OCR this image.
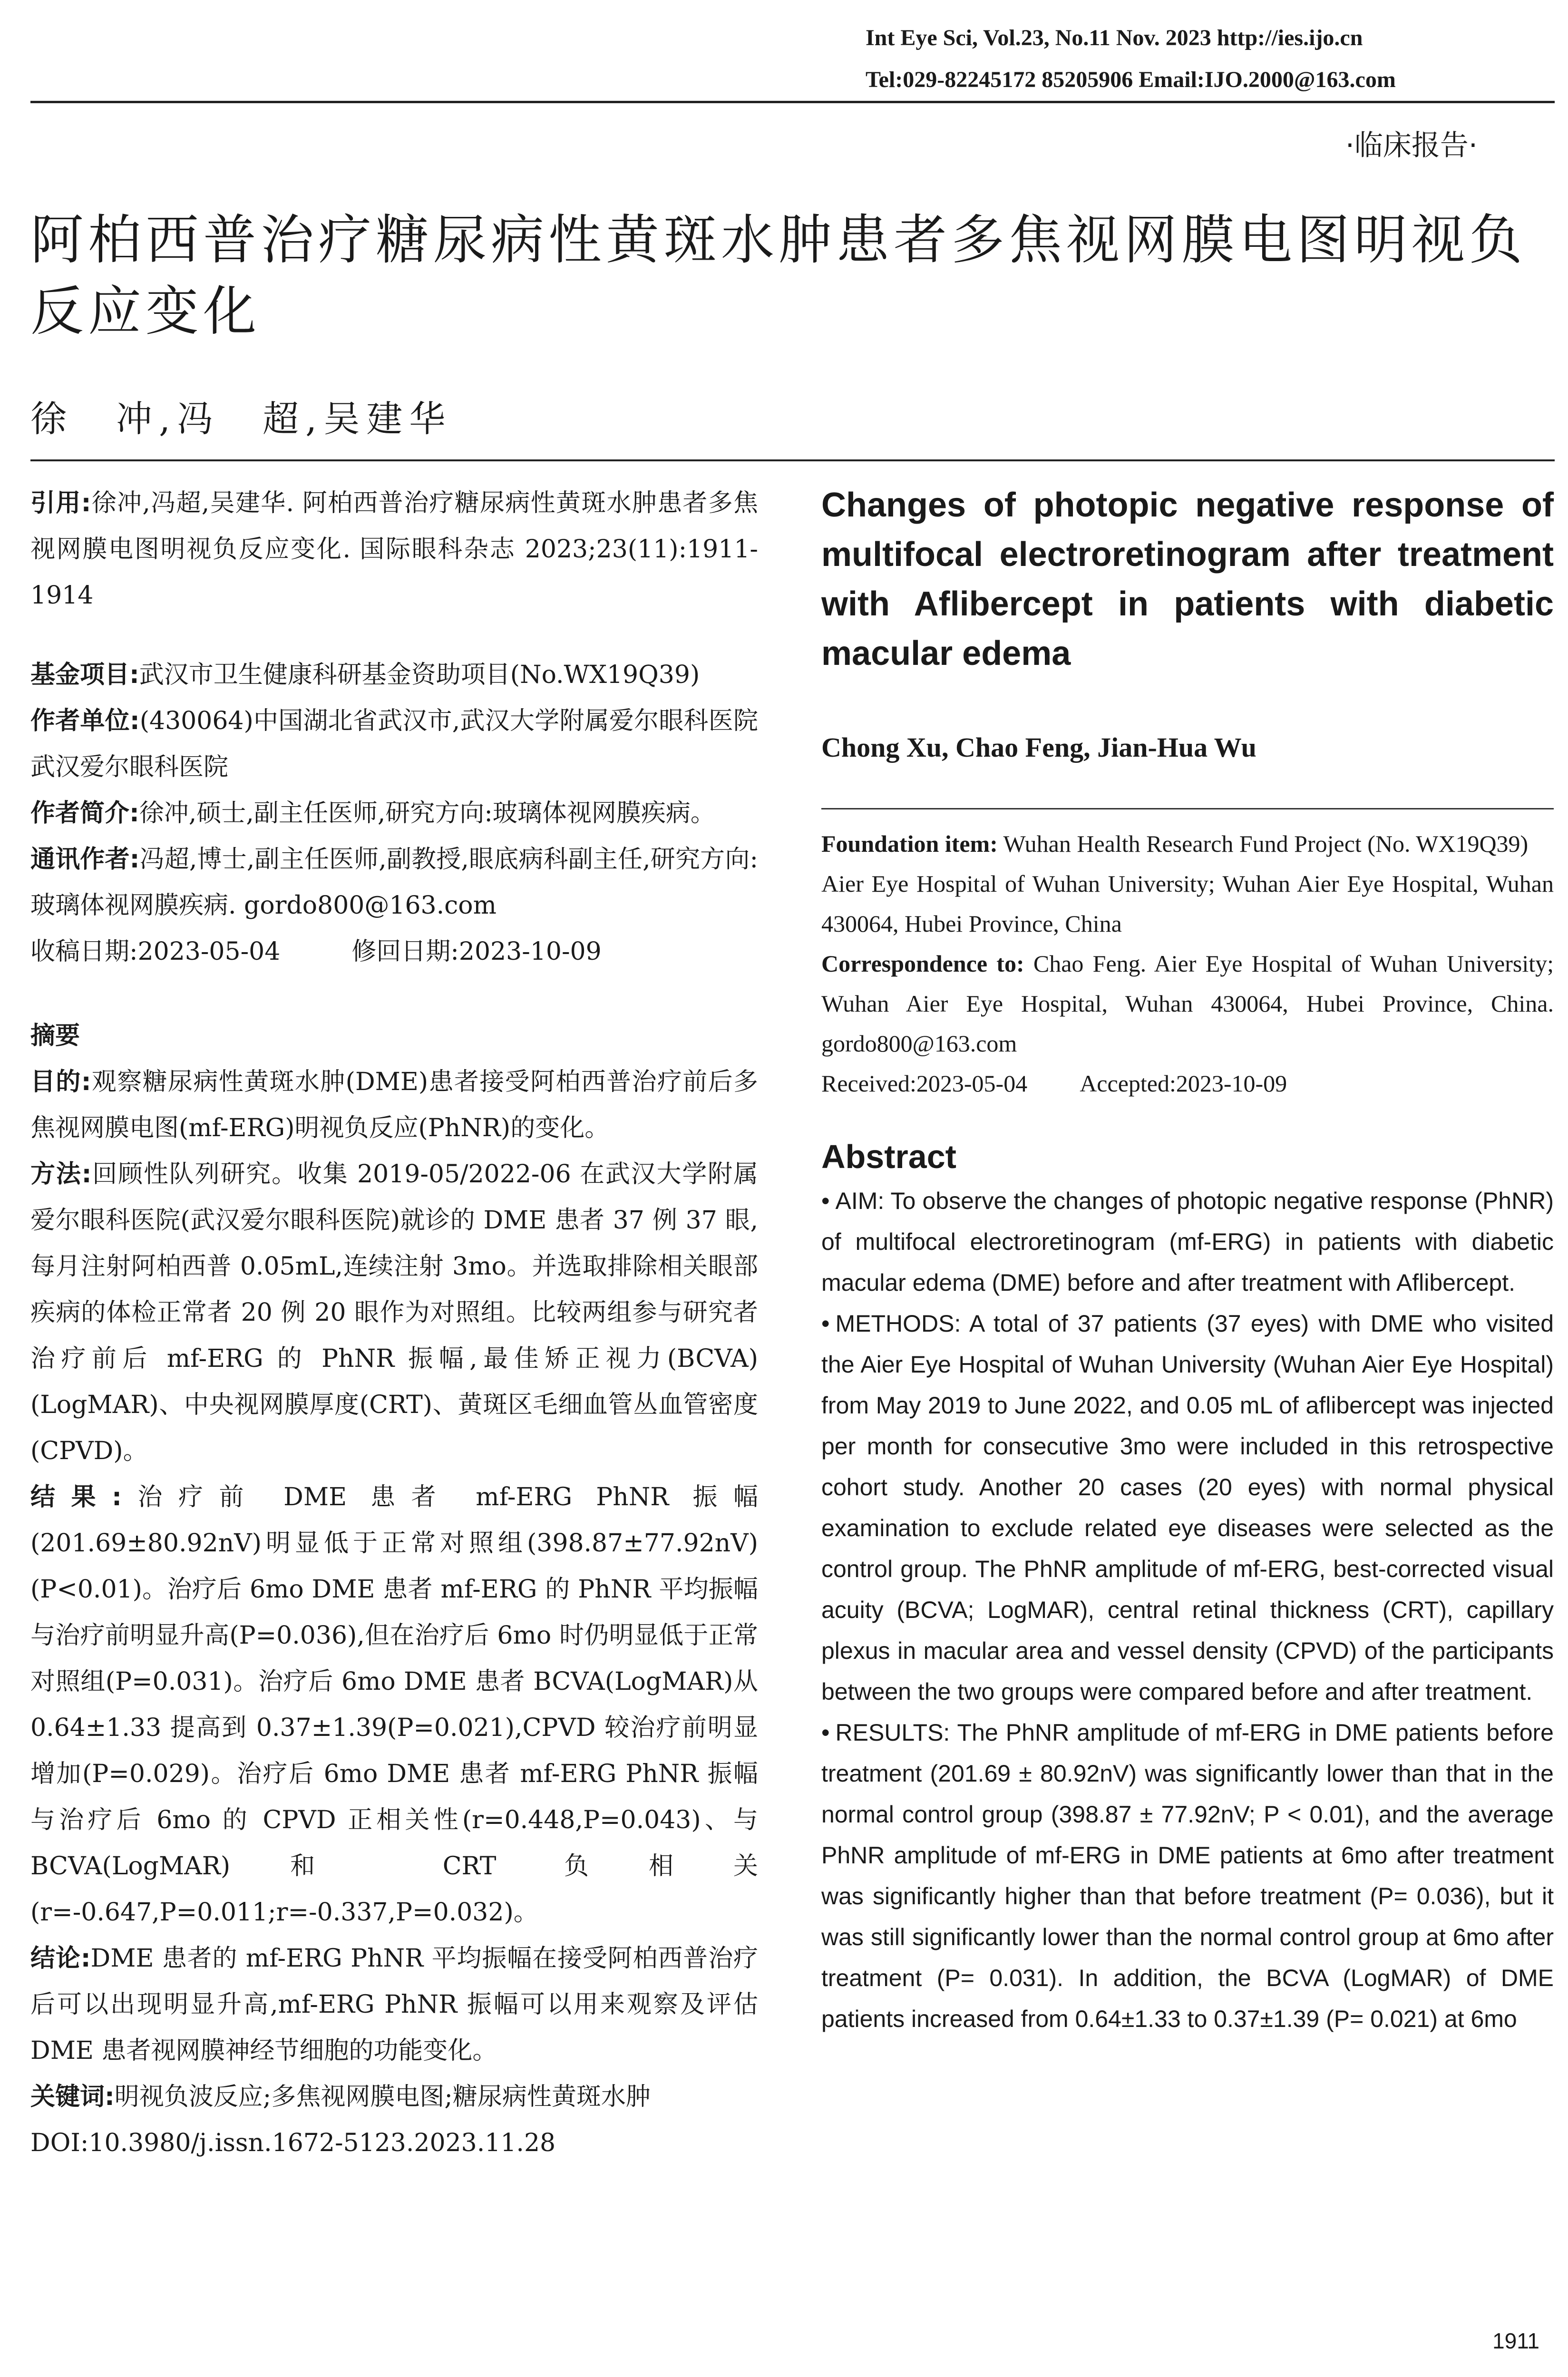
Int Eye Sci, Vol.23, No.11 Nov. 2023 http://ies.ijo.cn
Tel:029-82245172 85205906 Email:IJO.2000@163.com
·临床报告·
阿柏西普治疗糖尿病性黄斑水肿患者多焦视网膜电图明视负反应变化
徐　冲,冯　超,吴建华

引用:徐冲,冯超,吴建华. 阿柏西普治疗糖尿病性黄斑水肿患者多焦视网膜电图明视负反应变化. 国际眼科杂志 2023;23(11):1911-1914

基金项目:武汉市卫生健康科研基金资助项目(No.WX19Q39)

作者单位:(430064)中国湖北省武汉市,武汉大学附属爱尔眼科医院 武汉爱尔眼科医院

作者简介:徐冲,硕士,副主任医师,研究方向:玻璃体视网膜疾病。

通讯作者:冯超,博士,副主任医师,副教授,眼底病科副主任,研究方向:玻璃体视网膜疾病. gordo800@163.com

收稿日期:2023-05-04	修回日期:2023-10-09

摘要

目的:观察糖尿病性黄斑水肿(DME)患者接受阿柏西普治疗前后多焦视网膜电图(mf-ERG)明视负反应(PhNR)的变化。

方法:回顾性队列研究。收集 2019-05/2022-06 在武汉大学附属爱尔眼科医院(武汉爱尔眼科医院)就诊的 DME 患者 37 例 37 眼,每月注射阿柏西普 0.05mL,连续注射 3mo。并选取排除相关眼部疾病的体检正常者 20 例 20 眼作为对照组。比较两组参与研究者治疗前后 mf-ERG 的 PhNR 振幅,最佳矫正视力(BCVA)(LogMAR)、中央视网膜厚度(CRT)、黄斑区毛细血管丛血管密度(CPVD)。

结果:治疗前 DME 患者 mf-ERG PhNR 振幅(201.69±80.92nV)明显低于正常对照组(398.87±77.92nV)(P<0.01)。治疗后 6mo DME 患者 mf-ERG 的 PhNR 平均振幅与治疗前明显升高(P=0.036),但在治疗后 6mo 时仍明显低于正常对照组(P=0.031)。治疗后 6mo DME 患者 BCVA(LogMAR)从 0.64±1.33 提高到 0.37±1.39(P=0.021),CPVD 较治疗前明显增加(P=0.029)。治疗后 6mo DME 患者 mf-ERG PhNR 振幅与治疗后 6mo 的 CPVD 正相关性(r=0.448,P=0.043)、与 BCVA(LogMAR)和 CRT 负相关(r=-0.647,P=0.011;r=-0.337,P=0.032)。

结论:DME 患者的 mf-ERG PhNR 平均振幅在接受阿柏西普治疗后可以出现明显升高,mf-ERG PhNR 振幅可以用来观察及评估 DME 患者视网膜神经节细胞的功能变化。

关键词:明视负波反应;多焦视网膜电图;糖尿病性黄斑水肿

DOI:10.3980/j.issn.1672-5123.2023.11.28

Changes of photopic negative response of multifocal electroretinogram after treatment with Aflibercept in patients with diabetic macular edema

Chong Xu, Chao Feng, Jian-Hua Wu

Foundation item: Wuhan Health Research Fund Project (No. WX19Q39)

Aier Eye Hospital of Wuhan University; Wuhan Aier Eye Hospital, Wuhan 430064, Hubei Province, China

Correspondence to: Chao Feng. Aier Eye Hospital of Wuhan University; Wuhan Aier Eye Hospital, Wuhan 430064, Hubei Province, China. gordo800@163.com

Received:2023-05-04 Accepted:2023-10-09

Abstract

• AIM: To observe the changes of photopic negative response (PhNR) of multifocal electroretinogram (mf-ERG) in patients with diabetic macular edema (DME) before and after treatment with Aflibercept.

• METHODS: A total of 37 patients (37 eyes) with DME who visited the Aier Eye Hospital of Wuhan University (Wuhan Aier Eye Hospital) from May 2019 to June 2022, and 0.05 mL of aflibercept was injected per month for consecutive 3mo were included in this retrospective cohort study. Another 20 cases (20 eyes) with normal physical examination to exclude related eye diseases were selected as the control group. The PhNR amplitude of mf-ERG, best-corrected visual acuity (BCVA; LogMAR), central retinal thickness (CRT), capillary plexus in macular area and vessel density (CPVD) of the participants between the two groups were compared before and after treatment.

• RESULTS: The PhNR amplitude of mf-ERG in DME patients before treatment (201.69 ± 80.92nV) was significantly lower than that in the normal control group (398.87 ± 77.92nV; P < 0.01), and the average PhNR amplitude of mf-ERG in DME patients at 6mo after treatment was significantly higher than that before treatment (P= 0.036), but it was still significantly lower than the normal control group at 6mo after treatment (P= 0.031). In addition, the BCVA (LogMAR) of DME patients increased from 0.64±1.33 to 0.37±1.39 (P= 0.021) at 6mo

1911
